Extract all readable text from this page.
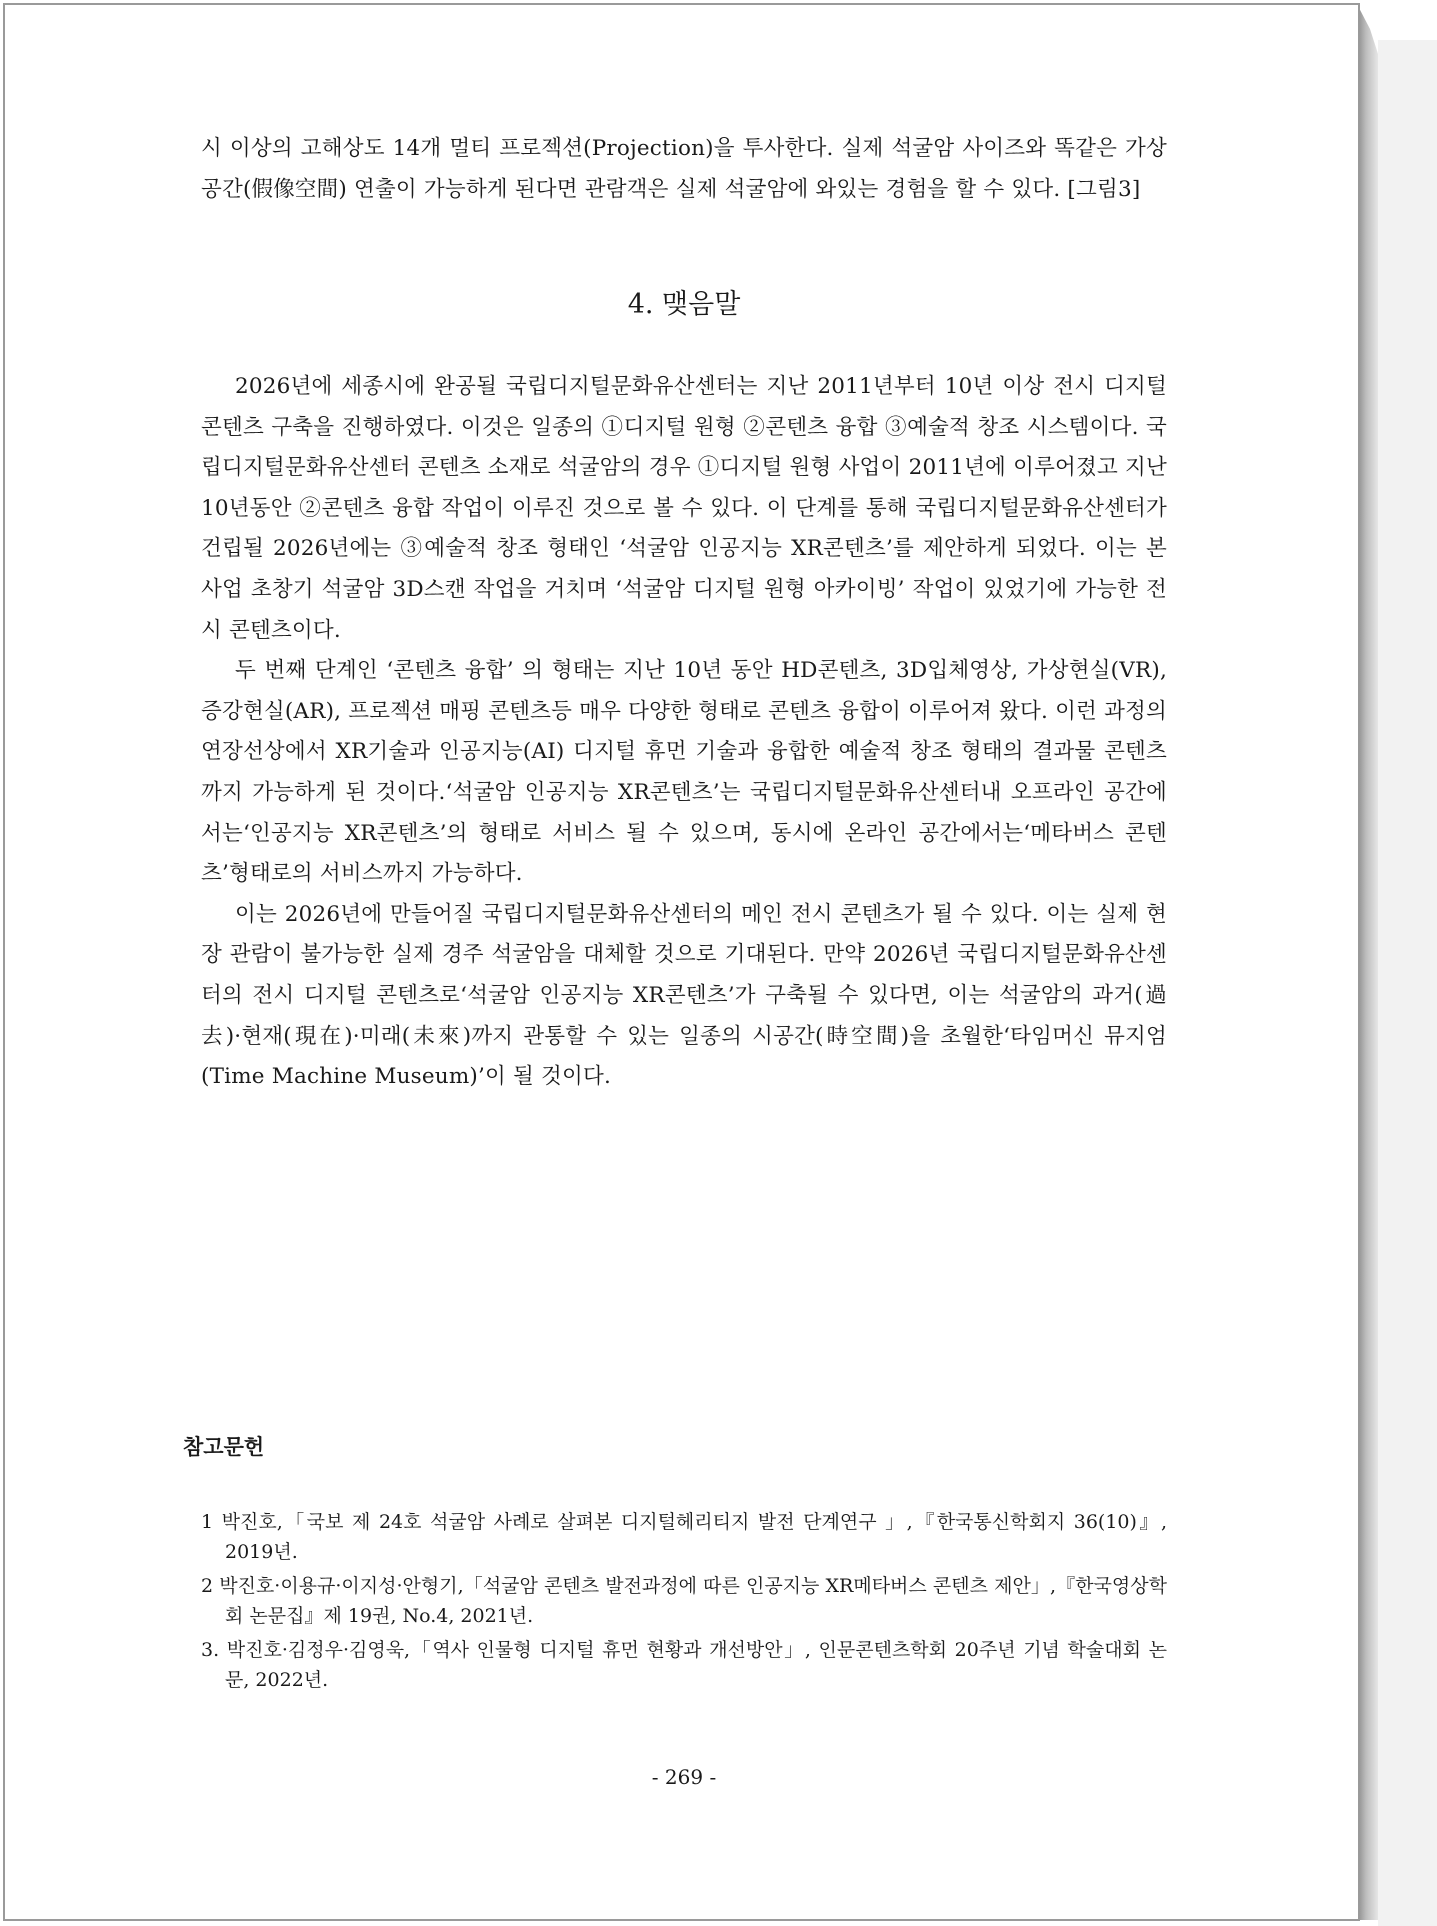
시 이상의 고해상도 14개 멀티 프로젝션(Projection)을 투사한다. 실제 석굴암 사이즈와 똑같은 가상공간(假像空間) 연출이 가능하게 된다면 관람객은 실제 석굴암에 와있는 경험을 할 수 있다. [그림3]

4. 맺음말

2026년에 세종시에 완공될 국립디지털문화유산센터는 지난 2011년부터 10년 이상 전시 디지털콘텐츠 구축을 진행하였다. 이것은 일종의 ①디지털 원형 ②콘텐츠 융합 ③예술적 창조 시스템이다. 국립디지털문화유산센터 콘텐츠 소재로 석굴암의 경우 ①디지털 원형 사업이 2011년에 이루어졌고 지난 10년동안 ②콘텐츠 융합 작업이 이루진 것으로 볼 수 있다. 이 단계를 통해 국립디지털문화유산센터가 건립될 2026년에는 ③예술적 창조 형태인 ‘석굴암 인공지능 XR콘텐츠’를 제안하게 되었다. 이는 본 사업 초창기 석굴암 3D스캔 작업을 거치며 ‘석굴암 디지털 원형 아카이빙’ 작업이 있었기에 가능한 전시 콘텐츠이다.

두 번째 단계인 ‘콘텐츠 융합’ 의 형태는 지난 10년 동안 HD콘텐츠, 3D입체영상, 가상현실(VR), 증강현실(AR), 프로젝션 매핑 콘텐츠등 매우 다양한 형태로 콘텐츠 융합이 이루어져 왔다. 이런 과정의 연장선상에서 XR기술과 인공지능(AI) 디지털 휴먼 기술과 융합한 예술적 창조 형태의 결과물 콘텐츠까지 가능하게 된 것이다.‘석굴암 인공지능 XR콘텐츠’는 국립디지털문화유산센터내 오프라인 공간에서는‘인공지능 XR콘텐츠’의 형태로 서비스 될 수 있으며, 동시에 온라인 공간에서는‘메타버스 콘텐츠’형태로의 서비스까지 가능하다.

이는 2026년에 만들어질 국립디지털문화유산센터의 메인 전시 콘텐츠가 될 수 있다. 이는 실제 현장 관람이 불가능한 실제 경주 석굴암을 대체할 것으로 기대된다. 만약 2026년 국립디지털문화유산센터의 전시 디지털 콘텐츠로‘석굴암 인공지능 XR콘텐츠’가 구축될 수 있다면, 이는 석굴암의 과거(過去)·현재(現在)·미래(未來)까지 관통할 수 있는 일종의 시공간(時空間)을 초월한‘타임머신 뮤지엄(Time Machine Museum)’이 될 것이다.

참고문헌
1 박진호,「국보 제 24호 석굴암 사례로 살펴본 디지털헤리티지 발전 단계연구 」,『한국통신학회지 36(10)』, 2019년.
2 박진호·이용규·이지성·안형기,「석굴암 콘텐츠 발전과정에 따른 인공지능 XR메타버스 콘텐츠 제안」,『한국영상학회 논문집』제 19권, No.4, 2021년.
3. 박진호·김정우·김영욱,「역사 인물형 디지털 휴먼 현황과 개선방안」, 인문콘텐츠학회 20주년 기념 학술대회 논문, 2022년.

- 269 -
